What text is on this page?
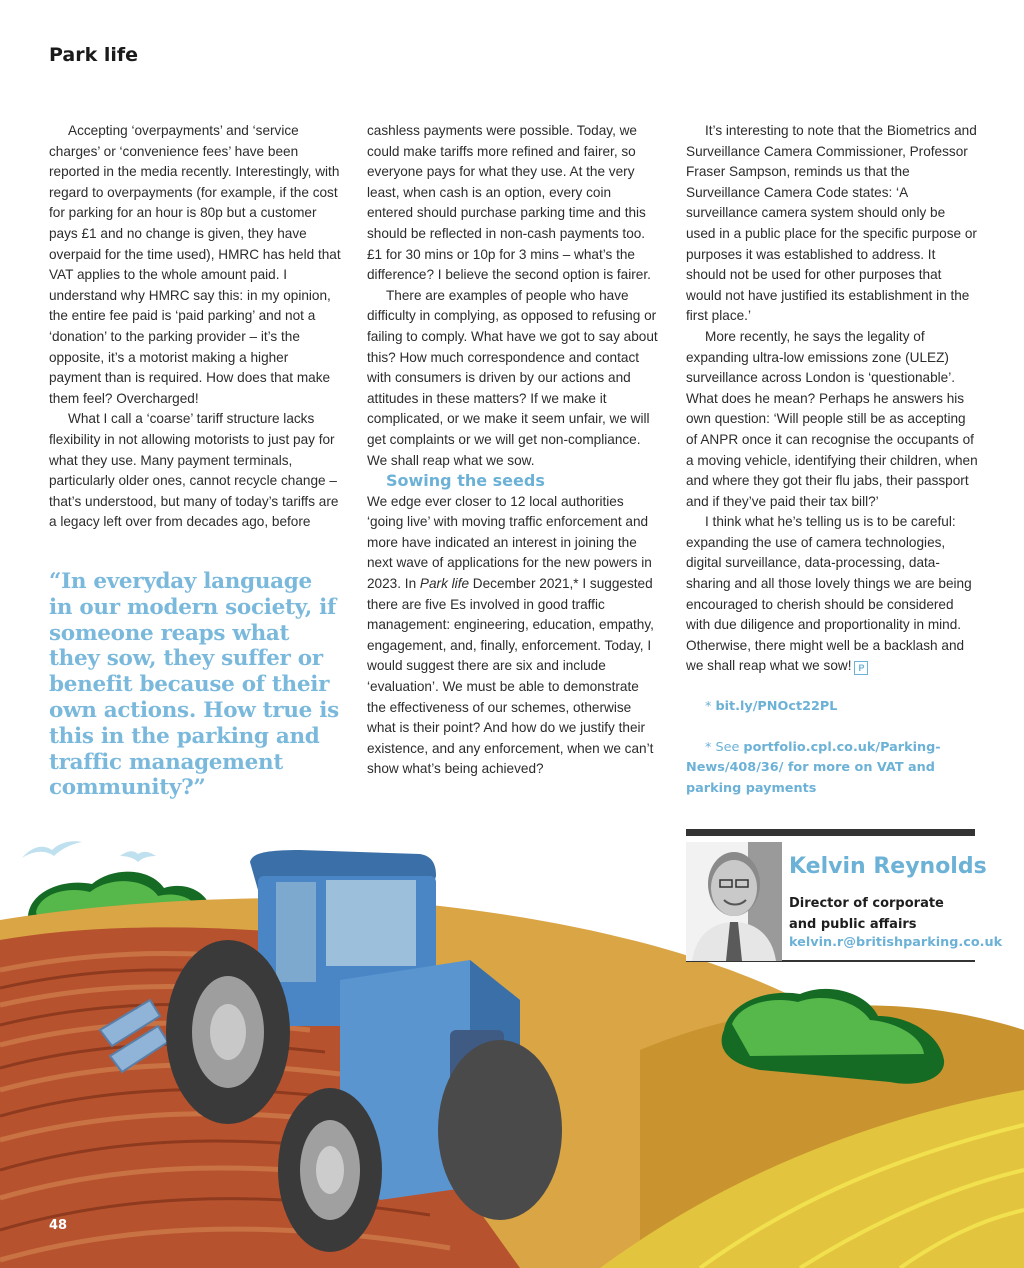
Park life

Accepting ‘overpayments’ and ‘service charges’ or ‘convenience fees’ have been reported in the media recently. Interestingly, with regard to overpayments (for example, if the cost for parking for an hour is 80p but a customer pays £1 and no change is given, they have overpaid for the time used), HMRC has held that VAT applies to the whole amount paid. I understand why HMRC say this: in my opinion, the entire fee paid is ‘paid parking’ and not a ‘donation’ to the parking provider – it’s the opposite, it’s a motorist making a higher payment than is required. How does that make them feel? Overcharged!

What I call a ‘coarse’ tariff structure lacks flexibility in not allowing motorists to just pay for what they use. Many payment terminals, particularly older ones, cannot recycle change – that’s understood, but many of today’s tariffs are a legacy left over from decades ago, before

“In everyday language in our modern society, if someone reaps what they sow, they suffer or benefit because of their own actions. How true is this in the parking and traffic management community?”

cashless payments were possible. Today, we could make tariffs more refined and fairer, so everyone pays for what they use. At the very least, when cash is an option, every coin entered should purchase parking time and this should be reflected in non-cash payments too. £1 for 30 mins or 10p for 3 mins – what’s the difference? I believe the second option is fairer.

There are examples of people who have difficulty in complying, as opposed to refusing or failing to comply. What have we got to say about this? How much correspondence and contact with consumers is driven by our actions and attitudes in these matters? If we make it complicated, or we make it seem unfair, we will get complaints or we will get non-compliance. We shall reap what we sow.

Sowing the seeds

We edge ever closer to 12 local authorities ‘going live’ with moving traffic enforcement and more have indicated an interest in joining the next wave of applications for the new powers in 2023. In Park life December 2021,* I suggested there are five Es involved in good traffic management: engineering, education, empathy, engagement, and, finally, enforcement. Today, I would suggest there are six and include ‘evaluation’. We must be able to demonstrate the effectiveness of our schemes, otherwise what is their point? And how do we justify their existence, and any enforcement, when we can’t show what’s being achieved?

It’s interesting to note that the Biometrics and Surveillance Camera Commissioner, Professor Fraser Sampson, reminds us that the Surveillance Camera Code states: ‘A surveillance camera system should only be used in a public place for the specific purpose or purposes it was established to address. It should not be used for other purposes that would not have justified its establishment in the first place.’

More recently, he says the legality of expanding ultra-low emissions zone (ULEZ) surveillance across London is ‘questionable’. What does he mean? Perhaps he answers his own question: ‘Will people still be as accepting of ANPR once it can recognise the occupants of a moving vehicle, identifying their children, when and where they got their flu jabs, their passport and if they’ve paid their tax bill?’

I think what he’s telling us is to be careful: expanding the use of camera technologies, digital surveillance, data-processing, data-sharing and all those lovely things we are being encouraged to cherish should be considered with due diligence and proportionality in mind. Otherwise, there might well be a backlash and we shall reap what we sow! P

* bit.ly/PNOct22PL

* See portfolio.cpl.co.uk/Parking-News/408/36/ for more on VAT and parking payments

Kelvin Reynolds

Director of corporate and public affairs

kelvin.r@britishparking.co.uk

48
